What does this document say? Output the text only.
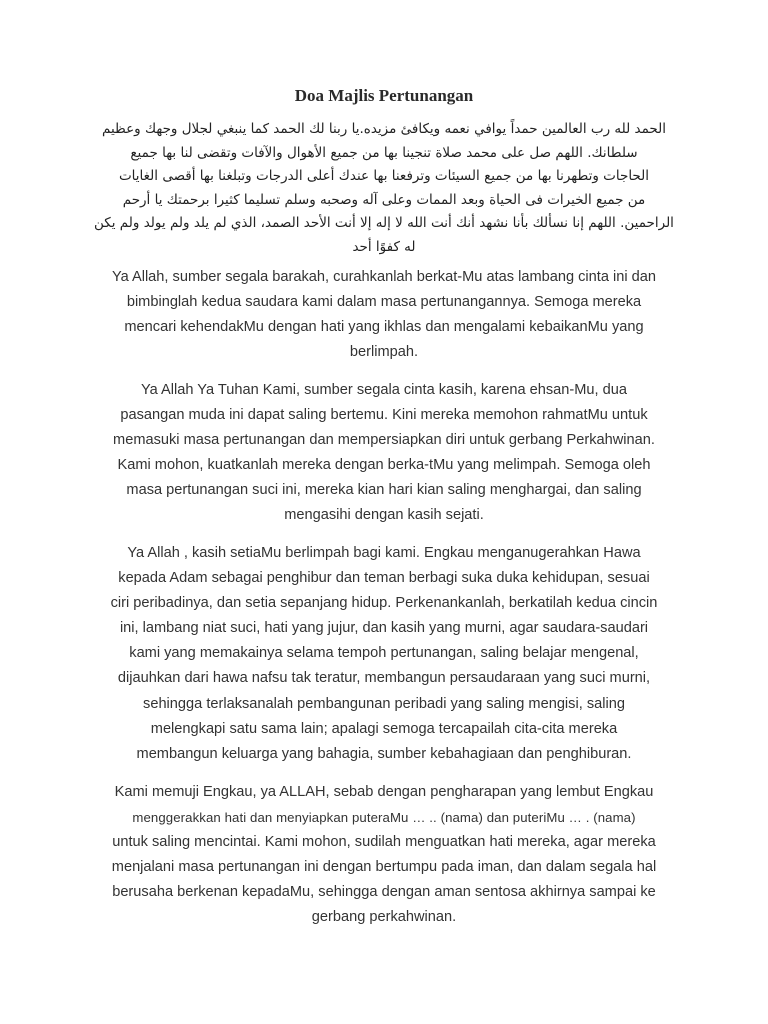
Doa Majlis Pertunangan
الحمد لله رب العالمين حمداً يوافي نعمه ويكافئ مزيده.يا ربنا لك الحمد كما ينبغي لجلال وجهك وعظيم
سلطانك. اللهم صل على محمد صلاة تنجينا بها من جميع الأهوال والآفات وتقضى لنا بها جميع
الحاجات وتطهرنا بها من جميع السيئات وترفعنا بها عندك أعلى الدرجات وتبلغنا بها أقصى الغايات
من جميع الخيرات فى الحياة وبعد الممات وعلى آله وصحبه وسلم تسليما كثيرا برحمتك يا أرحم
الراحمين. اللهم إنا نسألك بأنا نشهد أنك أنت الله لا إله إلا أنت الأحد الصمد، الذي لم يلد ولم يولد ولم يكن
له كفوًا أحد
Ya Allah, sumber segala barakah, curahkanlah berkat-Mu atas lambang cinta ini dan
bimbinglah kedua saudara kami dalam masa pertunangannya. Semoga mereka
mencari kehendakMu dengan hati yang ikhlas dan mengalami kebaikanMu yang
berlimpah.
Ya Allah Ya Tuhan Kami, sumber segala cinta kasih, karena ehsan-Mu, dua
pasangan muda ini dapat saling bertemu. Kini mereka memohon rahmatMu untuk
memasuki masa pertunangan dan mempersiapkan diri untuk gerbang Perkahwinan.
Kami mohon, kuatkanlah mereka dengan berka-tMu yang melimpah. Semoga oleh
masa pertunangan suci ini, mereka kian hari kian saling menghargai, dan saling
mengasihi dengan kasih sejati.
Ya Allah , kasih setiaMu berlimpah bagi kami. Engkau menganugerahkan Hawa
kepada Adam sebagai penghibur dan teman berbagi suka duka kehidupan, sesuai
ciri peribadinya, dan setia sepanjang hidup. Perkenankanlah, berkatilah kedua cincin
ini, lambang niat suci, hati yang jujur, dan kasih yang murni, agar saudara-saudari
kami yang memakainya selama tempoh pertunangan, saling belajar mengenal,
dijauhkan dari hawa nafsu tak teratur, membangun persaudaraan yang suci murni,
sehingga terlaksanalah pembangunan peribadi yang saling mengisi, saling
melengkapi satu sama lain; apalagi semoga tercapailah cita-cita mereka
membangun keluarga yang bahagia, sumber kebahagiaan dan penghiburan.
Kami memuji Engkau, ya ALLAH, sebab dengan pengharapan yang lembut Engkau
menggerakkan hati dan menyiapkan puteraMu … .. (nama) dan puteriMu … . (nama)
untuk saling mencintai. Kami mohon, sudilah menguatkan hati mereka, agar mereka
menjalani masa pertunangan ini dengan bertumpu pada iman, dan dalam segala hal
berusaha berkenan kepadaMu, sehingga dengan aman sentosa akhirnya sampai ke
gerbang perkahwinan.
